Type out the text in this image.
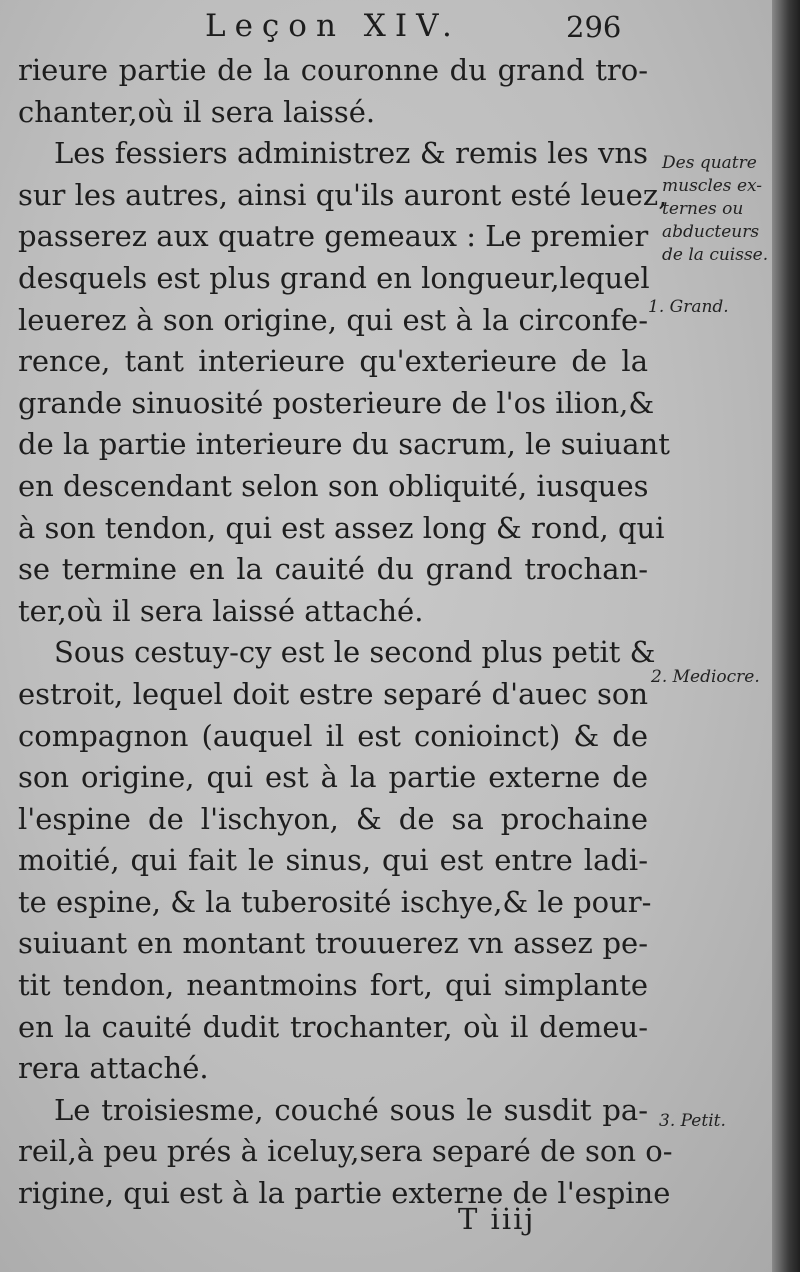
Leçon XIV.	296
rieure partie de la couronne du grand tro-
chanter,où il sera laissé.
Les fessiers administrez & remis les vns
sur les autres, ainsi qu'ils auront esté leuez,
passerez aux quatre gemeaux : Le premier
desquels est plus grand en longueur,lequel
leuerez à son origine, qui est à la circonfe-
rence, tant interieure qu'exterieure de la
grande sinuosité posterieure de l'os ilion,&
de la partie interieure du sacrum, le suiuant
en descendant selon son obliquité, iusques
à son tendon, qui est assez long & rond, qui
se termine en la cauité du grand trochan-
ter,où il sera laissé attaché.
Sous cestuy-cy est le second plus petit &
estroit, lequel doit estre separé d'auec son
compagnon (auquel il est conioinct) & de
son origine, qui est à la partie externe de
l'espine de l'ischyon, & de sa prochaine
moitié, qui fait le sinus, qui est entre ladi-
te espine, & la tuberosité ischye,& le pour-
suiuant en montant trouuerez vn assez pe-
tit tendon, neantmoins fort, qui simplante
en la cauité dudit trochanter, où il demeu-
rera attaché.
Le troisiesme, couché sous le susdit pa-
reil,à peu prés à iceluy,sera separé de son o-
rigine, qui est à la partie externe de l'espine
Des quatre
muscles ex-
ternes ou
abducteurs
de la cuisse.
1. Grand.
2. Mediocre.
3. Petit.
T iiij
